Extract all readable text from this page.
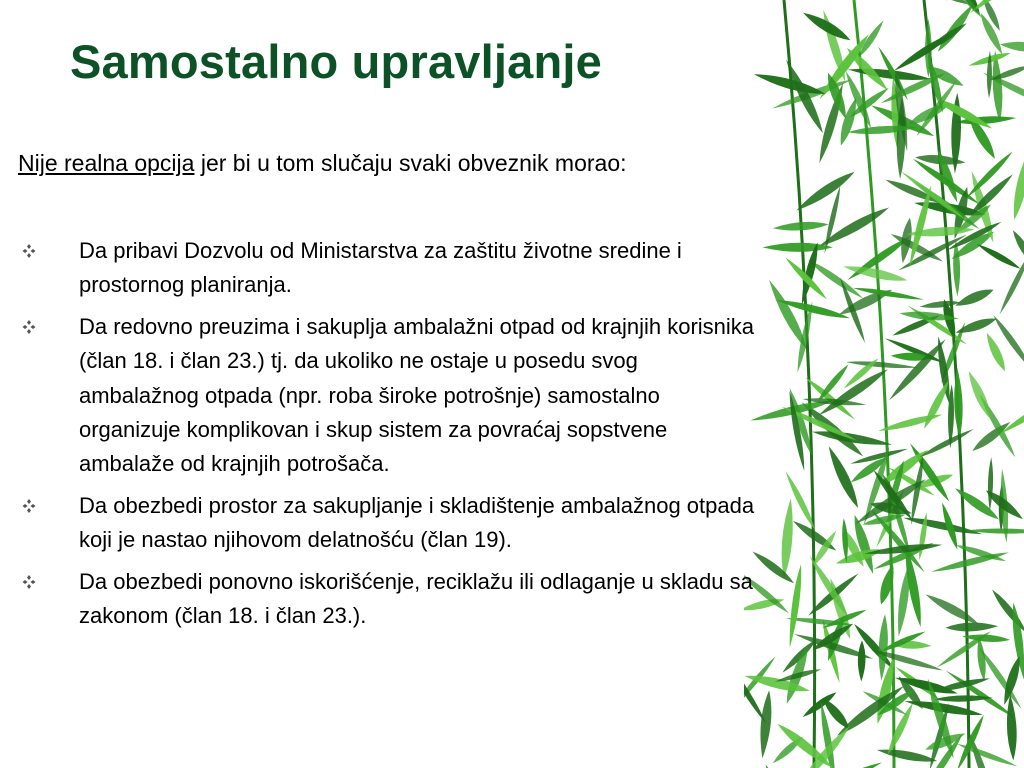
Samostalno upravljanje
Nije realna opcija jer bi u tom slučaju svaki obveznik morao:
Da pribavi Dozvolu od Ministarstva za zaštitu životne sredine i prostornog planiranja.
Da redovno preuzima i sakuplja ambalažni otpad od krajnjih korisnika (član 18. i član 23.) tj. da ukoliko ne ostaje u posedu svog ambalažnog otpada (npr. roba široke potrošnje) samostalno organizuje komplikovan i skup sistem za povraćaj sopstvene ambalaže od krajnjih potrošača.
Da obezbedi prostor za sakupljanje i skladištenje ambalažnog otpada koji je nastao njihovom delatnošću (član 19).
Da obezbedi ponovno iskorišćenje, reciklažu ili odlaganje u skladu sa zakonom (član 18. i član 23.).
